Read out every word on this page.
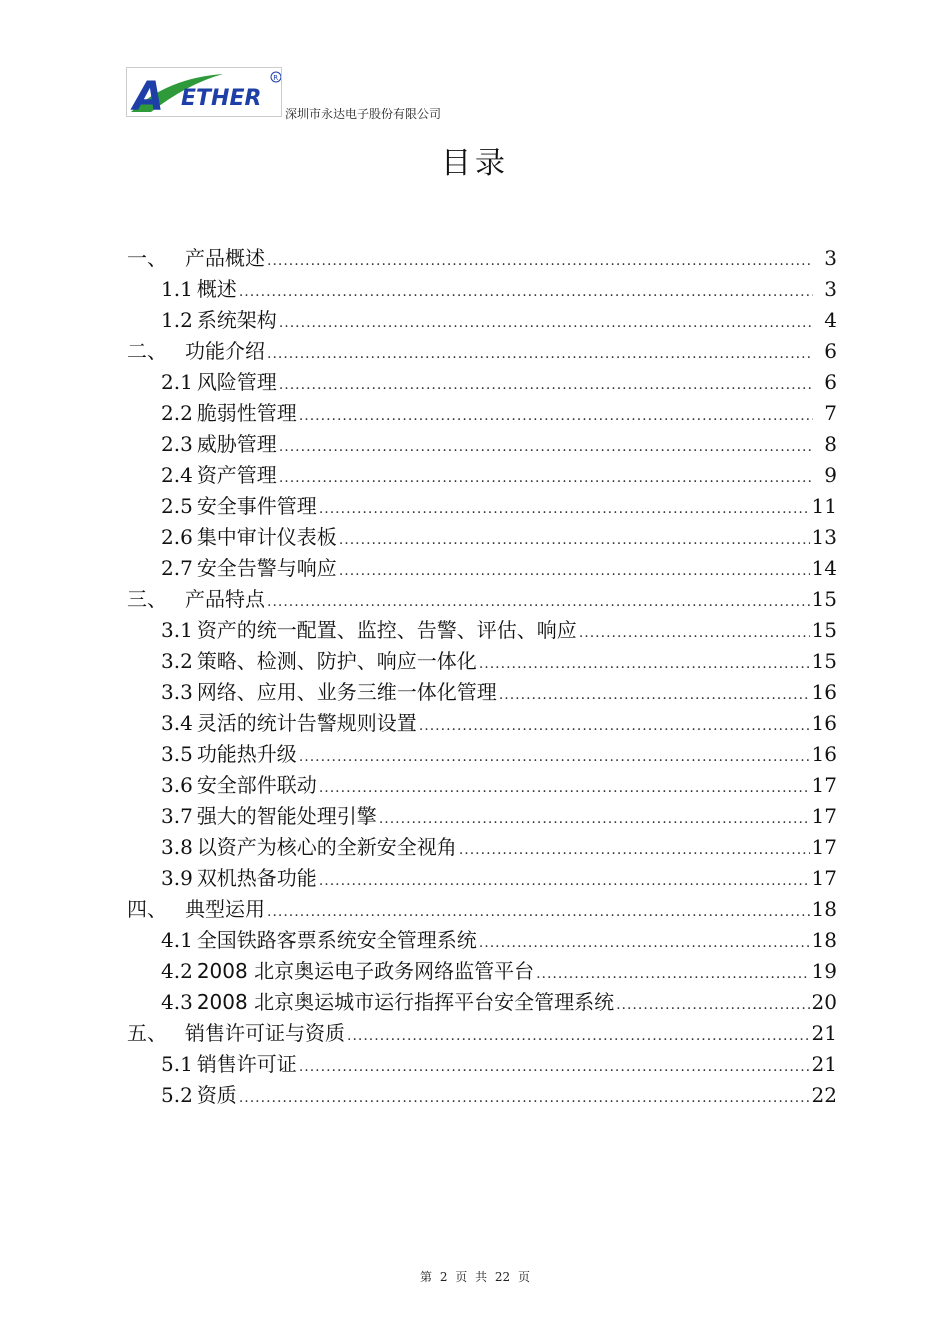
A ETHER
R
深圳市永达电子股份有限公司
目录
一、 产品概述 .....	3
1.1 概述 .....	3
1.2 系统架构 .....	4
二、 功能介绍 .....	6
2.1 风险管理 .....	6
2.2 脆弱性管理 .....	7
2.3 威胁管理 .....	8
2.4 资产管理 .....	9
2.5 安全事件管理 .....	11
2.6 集中审计仪表板 .....	13
2.7 安全告警与响应 .....	14
三、 产品特点 .....	15
3.1 资产的统一配置、监控、告警、评估、响应 .....	15
3.2 策略、检测、防护、响应一体化 .....	15
3.3 网络、应用、业务三维一体化管理 .....	16
3.4 灵活的统计告警规则设置 .....	16
3.5 功能热升级 .....	16
3.6 安全部件联动 .....	17
3.7 强大的智能处理引擎 .....	17
3.8 以资产为核心的全新安全视角 .....	17
3.9 双机热备功能 .....	17
四、 典型运用 .....	18
4.1 全国铁路客票系统安全管理系统 .....	18
4.2 2008 北京奥运电子政务网络监管平台 .....	19
4.3 2008 北京奥运城市运行指挥平台安全管理系统 .....	20
五、 销售许可证与资质 .....	21
5.1 销售许可证 .....	21
5.2 资质 .....	22
第 2 页 共 22 页
